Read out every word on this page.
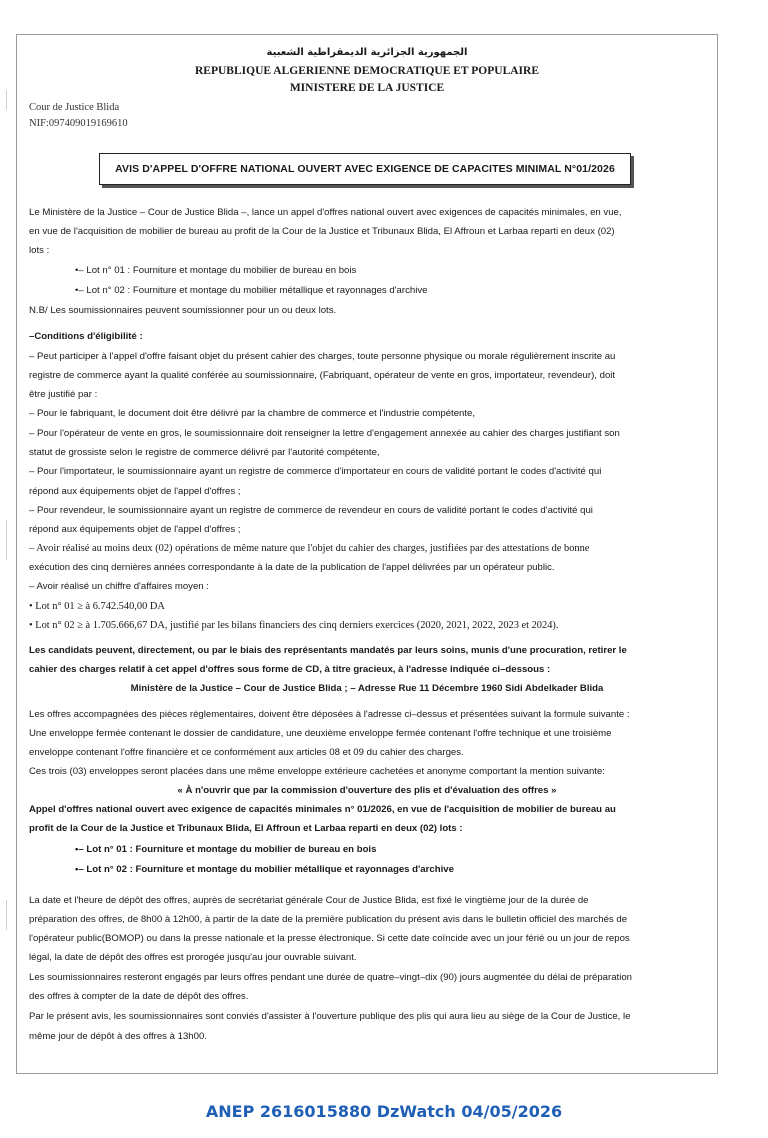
الجمهورية الجزائرية الديمقراطية الشعبية
REPUBLIQUE ALGERIENNE DEMOCRATIQUE ET POPULAIRE
MINISTERE DE LA JUSTICE
Cour de Justice Blida
NIF:097409019169610
AVIS D'APPEL D'OFFRE NATIONAL OUVERT AVEC EXIGENCE DE CAPACITES MINIMAL N°01/2026
Le Ministère de la Justice – Cour de Justice Blida –, lance un appel d'offres national ouvert avec exigences de capacités minimales, en vue,
en vue de l'acquisition de mobilier de bureau au profit de la Cour de la Justice et Tribunaux Blida, El Affroun et Larbaa reparti en deux (02)
lots :
•– Lot n° 01 : Fourniture et montage du mobilier de bureau en bois
•– Lot n° 02 : Fourniture et montage du mobilier métallique et rayonnages d'archive
N.B/ Les soumissionnaires peuvent soumissionner pour un ou deux lots.
–Conditions d'éligibilité :
– Peut participer à l'appel d'offre faisant objet du présent cahier des charges, toute personne physique ou morale régulièrement inscrite au
registre de commerce ayant la qualité conférée au soumissionnaire, (Fabriquant, opérateur de vente en gros, importateur, revendeur), doit
être justifié par :
– Pour le fabriquant, le document doit être délivré par la chambre de commerce et l'industrie compétente,
– Pour l'opérateur de vente en gros, le soumissionnaire doit renseigner la lettre d'engagement annexée au cahier des charges justifiant son
statut de grossiste selon le registre de commerce délivré par l'autorité compétente,
– Pour l'importateur, le soumissionnaire ayant un registre de commerce d'importateur en cours de validité portant le codes d'activité qui
répond aux équipements objet de l'appel d'offres ;
– Pour revendeur, le soumissionnaire ayant un registre de commerce de revendeur en cours de validité portant le codes d'activité qui
répond aux équipements objet de l'appel d'offres ;
– Avoir réalisé au moins deux (02) opérations de même nature que l'objet du cahier des charges, justifiées par des attestations de bonne
exécution des cinq dernières années correspondante à la date de la publication de l'appel délivrées par un opérateur public.
– Avoir réalisé un chiffre d'affaires moyen :
• Lot n° 01 ≥ à 6.742.540,00 DA
• Lot n° 02 ≥ à 1.705.666,67 DA, justifié par les bilans financiers des cinq derniers exercices (2020, 2021, 2022, 2023 et 2024).
Les candidats peuvent, directement, ou par le biais des représentants mandatés par leurs soins, munis d'une procuration, retirer le
cahier des charges relatif à cet appel d'offres sous forme de CD, à titre gracieux, à l'adresse indiquée ci–dessous :
Ministère de la Justice – Cour de Justice Blida ; – Adresse Rue 11 Décembre 1960 Sidi Abdelkader Blida
Les offres accompagnées des pièces réglementaires, doivent être déposées à l'adresse ci–dessus et présentées suivant la formule suivante :
Une enveloppe fermée contenant le dossier de candidature, une deuxième enveloppe fermée contenant l'offre technique et une troisième
enveloppe contenant l'offre financière et ce conformément aux articles 08 et 09 du cahier des charges.
Ces trois (03) enveloppes seront placées dans une même enveloppe extérieure cachetées et anonyme comportant la mention suivante:
« À n'ouvrir que par la commission d'ouverture des plis et d'évaluation des offres »
Appel d'offres national ouvert avec exigence de capacités minimales n° 01/2026, en vue de l'acquisition de mobilier de bureau au
profit de la Cour de la Justice et Tribunaux Blida, El Affroun et Larbaa reparti en deux (02) lots :
•– Lot n° 01 : Fourniture et montage du mobilier de bureau en bois
•– Lot n° 02 : Fourniture et montage du mobilier métallique et rayonnages d'archive
La date et l'heure de dépôt des offres, auprès de secrétariat générale Cour de Justice Blida, est fixé le vingtième jour de la durée de
préparation des offres, de 8h00 à 12h00, à partir de la date de la première publication du présent avis dans le bulletin officiel des marchés de
l'opérateur public(BOMOP) ou dans la presse nationale et la presse électronique. Si cette date coïncide avec un jour férié ou un jour de repos
légal, la date de dépôt des offres est prorogée jusqu'au jour ouvrable suivant.
Les soumissionnaires resteront engagés par leurs offres pendant une durée de quatre–vingt–dix (90) jours augmentée du délai de préparation
des offres à compter de la date de dépôt des offres.
Par le présent avis, les soumissionnaires sont conviés d'assister à l'ouverture publique des plis qui aura lieu au siège de la Cour de Justice, le
même jour de dépôt à des offres à 13h00.
ANEP 2616015880 DzWatch 04/05/2026
